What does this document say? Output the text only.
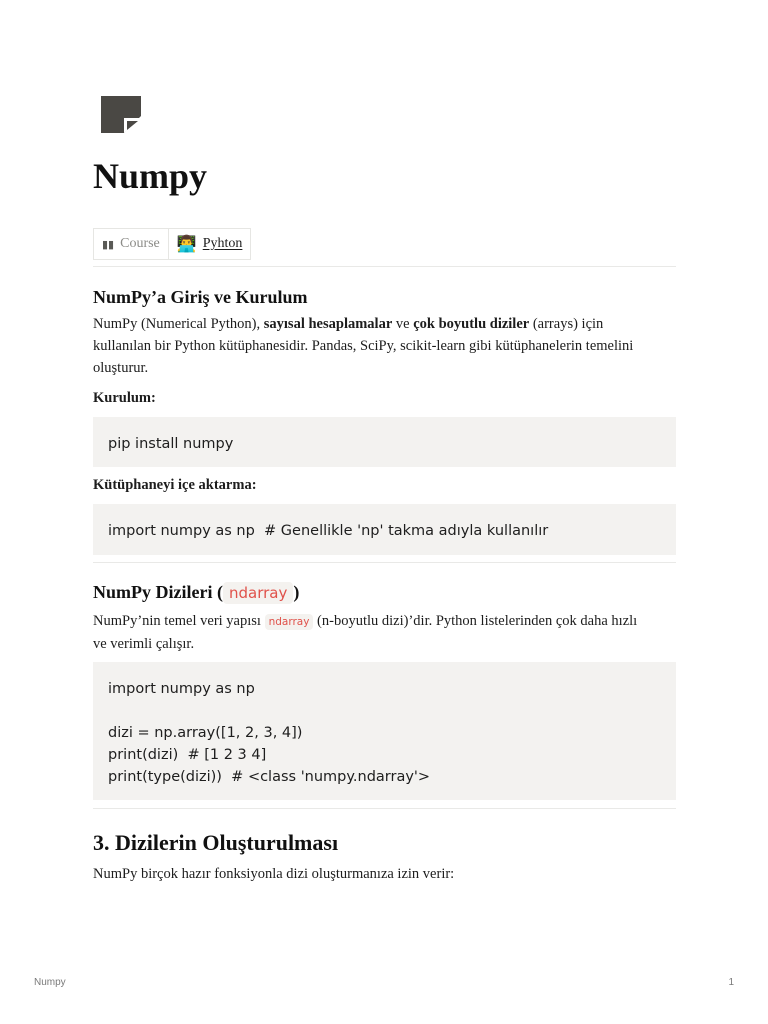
Numpy
▮▮ Course 👨‍💻 Pyhton
NumPy’a Giriş ve Kurulum

NumPy (Numerical Python), sayısal hesaplamalar ve çok boyutlu diziler (arrays) için
kullanılan bir Python kütüphanesidir. Pandas, SciPy, scikit-learn gibi kütüphanelerin temelini
oluşturur.

Kurulum:

pip install numpy

Kütüphaneyi içe aktarma:

import numpy as np  # Genellikle 'np' takma adıyla kullanılır
NumPy Dizileri ( ndarray )

NumPy’nin temel veri yapısı ndarray (n-boyutlu dizi)’dir. Python listelerinden çok daha hızlı
ve verimli çalışır.

import numpy as np

dizi = np.array([1, 2, 3, 4])
print(dizi)  # [1 2 3 4]
print(type(dizi))  # <class 'numpy.ndarray'>
3. Dizilerin Oluşturulması

NumPy birçok hazır fonksiyonla dizi oluşturmanıza izin verir:

Numpy	1
